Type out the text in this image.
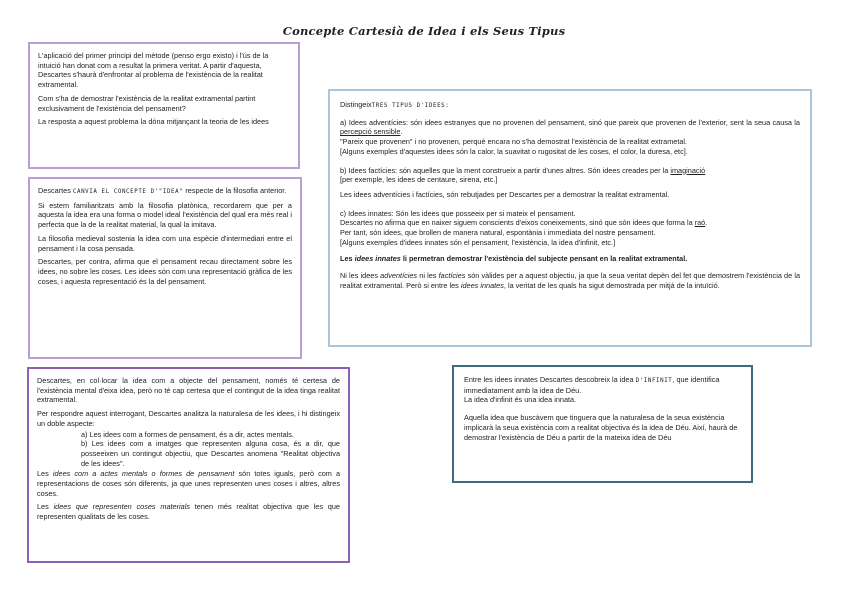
Concepte Cartesià de Idea i els Seus Tipus

L'aplicació del primer principi del mètode (penso ergo existo) i l'ús de la intuició han donat com a resultat la primera veritat. A partir d'aquesta, Descartes s'haurà d'enfrontar al problema de l'existència de la realitat extramental.

Com s'ha de demostrar l'existència de la realitat extramental partint exclusivament de l'existència del pensament?

La resposta a aquest problema la dóna mitjançant la teoria de les idees

Descartes CANVIA EL CONCEPTE D'"IDEA" respecte de la filosofia anterior.

Si estem familiaritzats amb la filosofia platònica, recordarem que per a aquesta la idea era una forma o model ideal l'existència del qual era més real i perfecta que la de la realitat material, la qual la imitava.

La filosofia medieval sostenia la idea com una espècie d'intermediari entre el pensament i la cosa pensada.

Descartes, per contra, afirma que el pensament recau directament sobre les idees, no sobre les coses. Les idees són com una representació gràfica de les coses, i aquesta representació és la del pensament.

Descartes, en col·locar la idea com a objecte del pensament, només té certesa de l'existència mental d'eixa idea, però no té cap certesa que el contingut de la idea tinga realitat extramental.

Per respondre aquest interrogant, Descartes analitza la naturalesa de les idees, i hi distingeix un doble aspecte:

a) Les idees com a formes de pensament, és a dir, actes mentals.
b) Les idees com a imatges que representen alguna cosa, és a dir, que posseeixen un contingut objectiu, que Descartes anomena "Realitat objectiva de les idees".

Les idees com a actes mentals o formes de pensament són totes iguals, però com a representacions de coses són diferents, ja que unes representen unes coses i altres, altres coses.

Les idees que representen coses materials tenen més realitat objectiva que les que representen qualitats de les coses.

DistingeixTRES TIPUS D'IDEES:

a) Idees adventícies: són idees estranyes que no provenen del pensament, sinó que pareix que provenen de l'exterior, sent la seua causa la percepció sensible.
"Pareix que provenen" i no provenen, perquè encara no s'ha demostrat l'existència de la realitat extrametal.
[Alguns exemples d'aquestes idees són la calor, la suavitat o rugositat de les coses, el color, la duresa, etc].
b) Idees factícies: són aquelles que la ment construeix a partir d'unes altres. Són idees creades per la imaginació
[per exemple, les idees de centaure, sirena, etc.]
Les idees adventícies i factícies, són rebutjades per Descartes per a demostrar la realitat extramental.
c) Idees innates: Són les idees que posseeix per si mateix el pensament.
Descartes no afirma que en naixer siguem conscients d'eixos coneixements, sinó que són idees que forma la raó.
Per tant, són idees, que brollen de manera natural, espontània i immediata del nostre pensament.
[Alguns exemples d'idees innates són el pensament, l'existència, la idea d'infinit, etc.]
Les idees innates li permetran demostrar l'existència del subjecte pensant en la realitat extramental.
Ni les idees adventícies ni les factícies són vàlides per a aquest objectiu, ja que la seua veritat depèn del fet que demostrem l'existència de la realitat extramental. Però si entre les idees innates, la veritat de les quals ha sigut demostrada per mitjà de la intuïció.
Entre les idees innates Descartes descobreix la idea D'INFINIT, que identifica immediatament amb la idea de Déu.
La idea d'infinit és una idea innata.
Aquella idea que buscàvem que tinguera que la naturalesa de la seua existència implicarà la seua existència com a realitat objectiva és la idea de Déu. Així, haurà de demostrar l'existència de Déu a partir de la mateixa idea de Déu
